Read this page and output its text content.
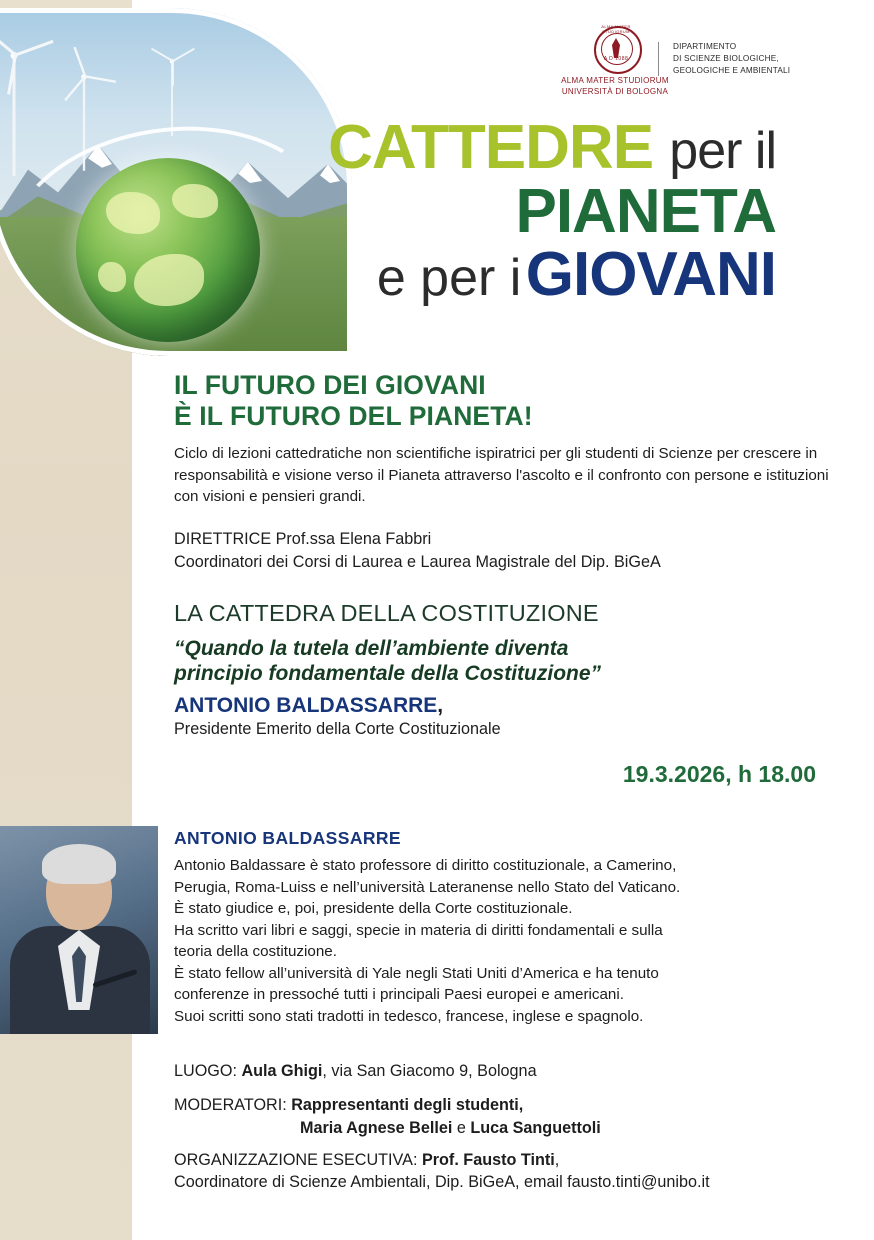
ALMA MATER STUDIORUM
A D 1088
ALMA MATER STUDIORUM
UNIVERSITÀ DI BOLOGNA
DIPARTIMENTO
DI SCIENZE BIOLOGICHE,
GEOLOGICHE E AMBIENTALI
CATTEDRE per il
PIANETA
e per i GIOVANI
IL FUTURO DEI GIOVANI
È IL FUTURO DEL PIANETA!
Ciclo di lezioni cattedratiche non scientifiche ispiratrici per gli studenti di Scienze per crescere in responsabilità e visione verso il Pianeta attraverso l'ascolto e il confronto con persone e istituzioni con visioni e pensieri grandi.
DIRETTRICE Prof.ssa Elena Fabbri
Coordinatori dei Corsi di Laurea e Laurea Magistrale del Dip. BiGeA
LA CATTEDRA DELLA COSTITUZIONE
“Quando la tutela dell’ambiente diventa
principio fondamentale della Costituzione”
ANTONIO BALDASSARRE,
Presidente Emerito della Corte Costituzionale
19.3.2026, h 18.00
ANTONIO BALDASSARRE
Antonio Baldassare è stato professore di diritto costituzionale, a Camerino,
Perugia, Roma-Luiss e nell’università Lateranense nello Stato del Vaticano.
È stato giudice e, poi, presidente della Corte costituzionale.
Ha scritto vari libri e saggi, specie in materia di diritti fondamentali e sulla
teoria della costituzione.
È stato fellow all’università di Yale negli Stati Uniti d’America e ha tenuto
conferenze in pressoché tutti i principali Paesi europei e americani.
Suoi scritti sono stati tradotti in tedesco, francese, inglese e spagnolo.
LUOGO: Aula Ghigi, via San Giacomo 9, Bologna
MODERATORI: Rappresentanti degli studenti,
Maria Agnese Bellei e Luca Sanguettoli
ORGANIZZAZIONE ESECUTIVA: Prof. Fausto Tinti,
Coordinatore di Scienze Ambientali, Dip. BiGeA, email fausto.tinti@unibo.it
